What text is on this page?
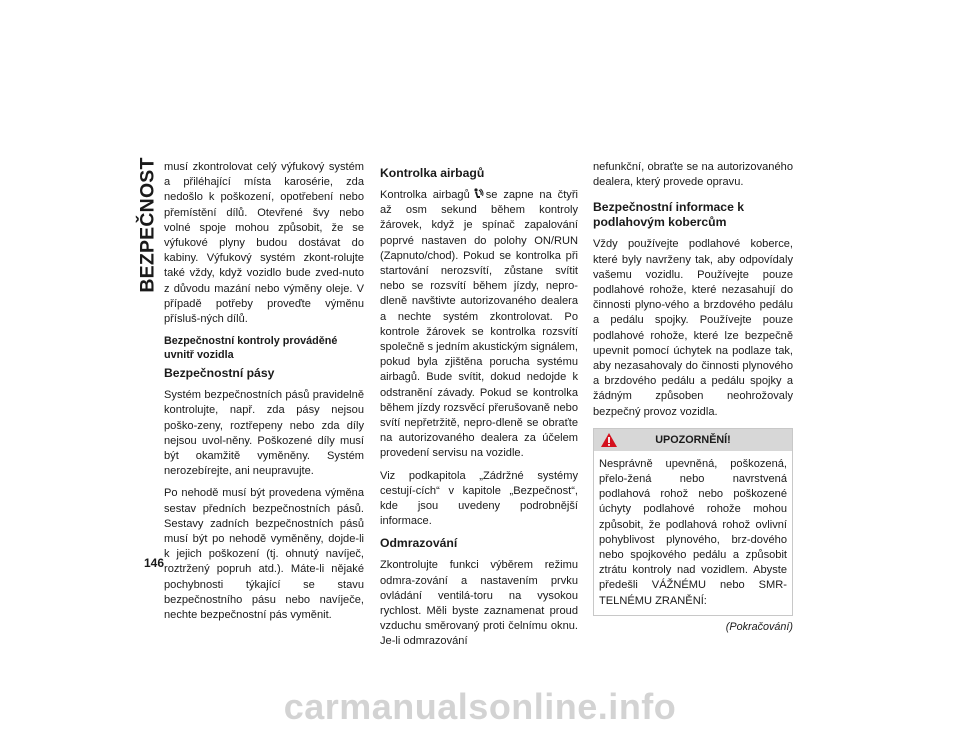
BEZPEČNOST
146

musí zkontrolovat celý výfukový systém a přiléhající místa karosérie, zda nedošlo k poškození, opotřebení nebo přemístění dílů. Otevřené švy nebo volné spoje mohou způsobit, že se výfukové plyny budou dostávat do kabiny. Výfukový systém zkont-rolujte také vždy, když vozidlo bude zved-nuto z důvodu mazání nebo výměny oleje. V případě potřeby proveďte výměnu přísluš-ných dílů.

Bezpečnostní kontroly prováděné uvnitř vozidla
Bezpečnostní pásy

Systém bezpečnostních pásů pravidelně kontrolujte, např. zda pásy nejsou poško-zeny, roztřepeny nebo zda díly nejsou uvol-něny. Poškozené díly musí být okamžitě vyměněny. Systém nerozebírejte, ani neupravujte.

Po nehodě musí být provedena výměna sestav předních bezpečnostních pásů. Sestavy zadních bezpečnostních pásů musí být po nehodě vyměněny, dojde-li k jejich poškození (tj. ohnutý navíječ, roztržený popruh atd.). Máte-li nějaké pochybnosti týkající se stavu bezpečnostního pásu nebo navíječe, nechte bezpečnostní pás vyměnit.

Kontrolka airbagů

Kontrolka airbagů se zapne na čtyři až osm sekund během kontroly žárovek, když je spínač zapalování poprvé nastaven do polohy ON/RUN (Zapnuto/chod). Pokud se kontrolka při startování nerozsvítí, zůstane svítit nebo se rozsvítí během jízdy, nepro-dleně navštivte autorizovaného dealera a nechte systém zkontrolovat. Po kontrole žárovek se kontrolka rozsvítí společně s jedním akustickým signálem, pokud byla zjištěna porucha systému airbagů. Bude svítit, dokud nedojde k odstranění závady. Pokud se kontrolka během jízdy rozsvěcí přerušovaně nebo svítí nepřetržitě, nepro-dleně se obraťte na autorizovaného dealera za účelem provedení servisu na vozidle.

Viz podkapitola „Zádržné systémy cestují-cích“ v kapitole „Bezpečnost“, kde jsou uvedeny podrobnější informace.

Odmrazování

Zkontrolujte funkci výběrem režimu odmra-zování a nastavením prvku ovládání ventilá-toru na vysokou rychlost. Měli byste zaznamenat proud vzduchu směrovaný proti čelnímu oknu. Je-li odmrazování

nefunkční, obraťte se na autorizovaného dealera, který provede opravu.

Bezpečnostní informace k podlahovým kobercům

Vždy používejte podlahové koberce, které byly navrženy tak, aby odpovídaly vašemu vozidlu. Používejte pouze podlahové rohože, které nezasahují do činnosti plyno-vého a brzdového pedálu a pedálu spojky. Používejte pouze podlahové rohože, které lze bezpečně upevnit pomocí úchytek na podlaze tak, aby nezasahovaly do činnosti plynového a brzdového pedálu a pedálu spojky a žádným způsoben neohrožovaly bezpečný provoz vozidla.

UPOZORNĚNÍ!

Nesprávně upevněná, poškozená, přelo-žená nebo navrstvená podlahová rohož nebo poškozené úchyty podlahové rohože mohou způsobit, že podlahová rohož ovlivní pohyblivost plynového, brz-dového nebo spojkového pedálu a způsobit ztrátu kontroly nad vozidlem. Abyste předešli VÁŽNÉMU nebo SMR-TELNÉMU ZRANĚNÍ:

(Pokračování)
carmanualsonline.info
